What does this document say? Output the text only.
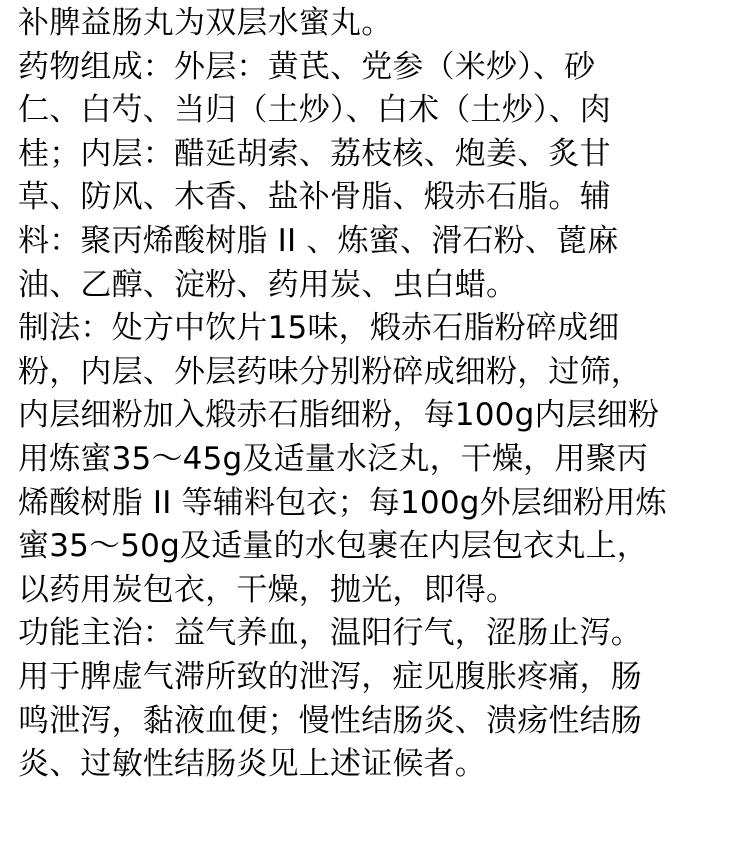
补脾益肠丸为双层水蜜丸。
药物组成：外层：黄芪、党参（米炒）、砂
仁、白芍、当归（土炒）、白术（土炒）、肉
桂；内层：醋延胡索、荔枝核、炮姜、炙甘
草、防风、木香、盐补骨脂、煅赤石脂。辅
料：聚丙烯酸树脂 II 、炼蜜、滑石粉、蓖麻
油、乙醇、淀粉、药用炭、虫白蜡。
制法：处方中饮片15味，煅赤石脂粉碎成细
粉，内层、外层药味分别粉碎成细粉，过筛，
内层细粉加入煅赤石脂细粉，每100g内层细粉
用炼蜜35～45g及适量水泛丸，干燥，用聚丙
烯酸树脂 II 等辅料包衣；每100g外层细粉用炼
蜜35～50g及适量的水包裹在内层包衣丸上，
以药用炭包衣，干燥，抛光，即得。
功能主治：益气养血，温阳行气，涩肠止泻。
用于脾虚气滞所致的泄泻，症见腹胀疼痛，肠
鸣泄泻，黏液血便；慢性结肠炎、溃疡性结肠
炎、过敏性结肠炎见上述证候者。
